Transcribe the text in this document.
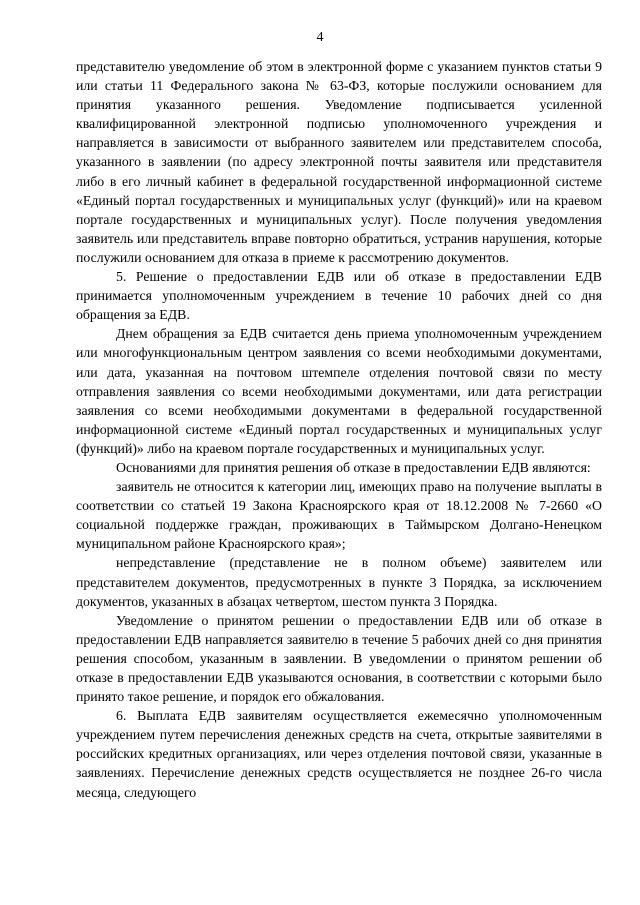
4

представителю уведомление об этом в электронной форме с указанием пунктов статьи 9 или статьи 11 Федерального закона № 63-ФЗ, которые послужили основанием для принятия указанного решения. Уведомление подписывается усиленной квалифицированной электронной подписью уполномоченного учреждения и направляется в зависимости от выбранного заявителем или представителем способа, указанного в заявлении (по адресу электронной почты заявителя или представителя либо в его личный кабинет в федеральной государственной информационной системе «Единый портал государственных и муниципальных услуг (функций)» или на краевом портале государственных и муниципальных услуг). После получения уведомления заявитель или представитель вправе повторно обратиться, устранив нарушения, которые послужили основанием для отказа в приеме к рассмотрению документов.

5. Решение о предоставлении ЕДВ или об отказе в предоставлении ЕДВ принимается уполномоченным учреждением в течение 10 рабочих дней со дня обращения за ЕДВ.

Днем обращения за ЕДВ считается день приема уполномоченным учреждением или многофункциональным центром заявления со всеми необходимыми документами, или дата, указанная на почтовом штемпеле отделения почтовой связи по месту отправления заявления со всеми необходимыми документами, или дата регистрации заявления со всеми необходимыми документами в федеральной государственной информационной системе «Единый портал государственных и муниципальных услуг (функций)» либо на краевом портале государственных и муниципальных услуг.

Основаниями для принятия решения об отказе в предоставлении ЕДВ являются:

заявитель не относится к категории лиц, имеющих право на получение выплаты в соответствии со статьей 19 Закона Красноярского края от 18.12.2008 № 7-2660 «О социальной поддержке граждан, проживающих в Таймырском Долгано-Ненецком муниципальном районе Красноярского края»;

непредставление (представление не в полном объеме) заявителем или представителем документов, предусмотренных в пункте 3 Порядка, за исключением документов, указанных в абзацах четвертом, шестом пункта 3 Порядка.

Уведомление о принятом решении о предоставлении ЕДВ или об отказе в предоставлении ЕДВ направляется заявителю в течение 5 рабочих дней со дня принятия решения способом, указанным в заявлении. В уведомлении о принятом решении об отказе в предоставлении ЕДВ указываются основания, в соответствии с которыми было принято такое решение, и порядок его обжалования.

6. Выплата ЕДВ заявителям осуществляется ежемесячно уполномоченным учреждением путем перечисления денежных средств на счета, открытые заявителями в российских кредитных организациях, или через отделения почтовой связи, указанные в заявлениях. Перечисление денежных средств осуществляется не позднее 26-го числа месяца, следующего
